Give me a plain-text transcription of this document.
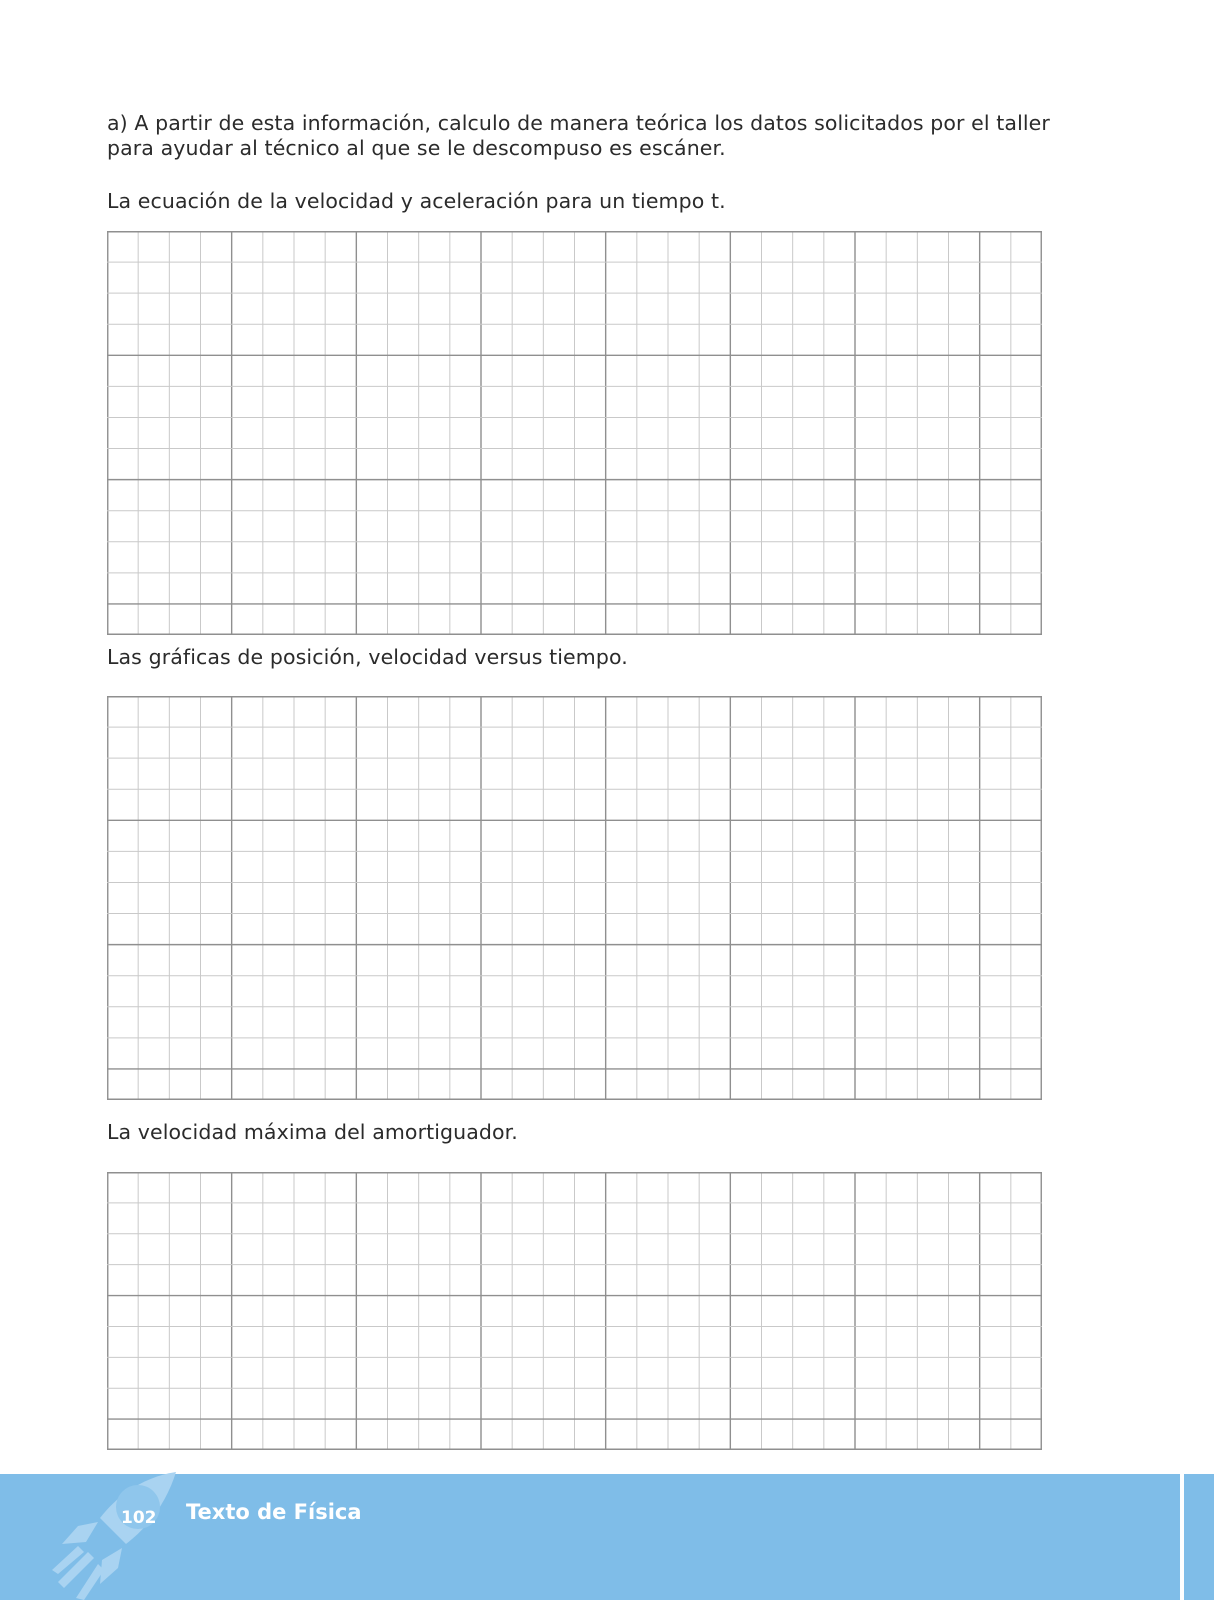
a) A partir de esta información, calculo de manera teórica los datos solicitados por el taller para ayudar al técnico al que se le descompuso es escáner.

La ecuación de la velocidad y aceleración para un tiempo t.

Las gráficas de posición, velocidad versus tiempo.

La velocidad máxima del amortiguador.

102 Texto de Física
